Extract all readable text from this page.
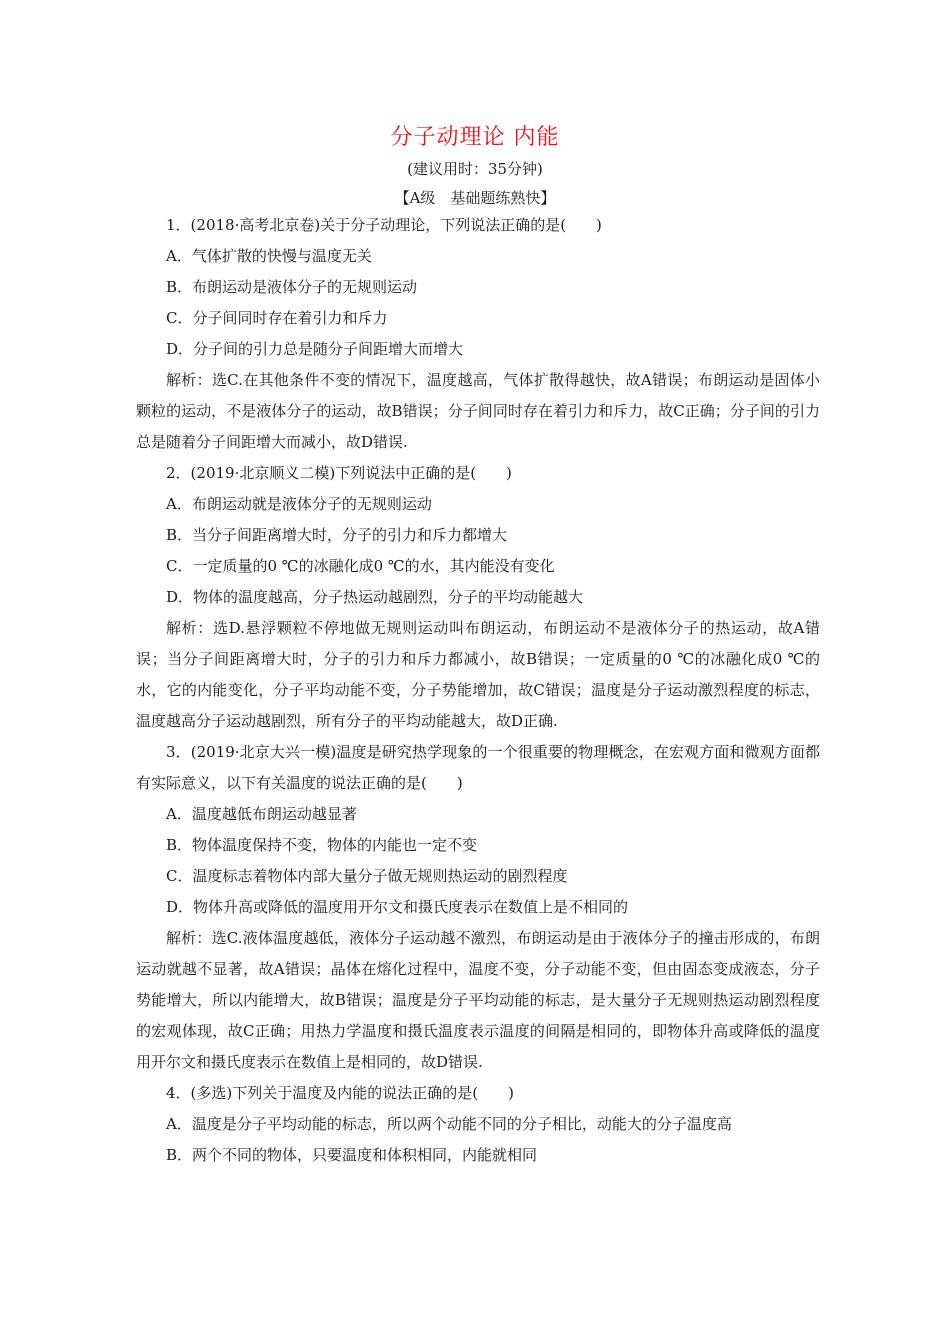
分子动理论 内能
(建议用时：35分钟)
【A级　基础题练熟快】

1．(2018·高考北京卷)关于分子动理论，下列说法正确的是(　　)

A．气体扩散的快慢与温度无关

B．布朗运动是液体分子的无规则运动

C．分子间同时存在着引力和斥力

D．分子间的引力总是随分子间距增大而增大

解析：选C.在其他条件不变的情况下，温度越高，气体扩散得越快，故A错误；布朗运动是固体小颗粒的运动，不是液体分子的运动，故B错误；分子间同时存在着引力和斥力，故C正确；分子间的引力总是随着分子间距增大而减小，故D错误.

2．(2019·北京顺义二模)下列说法中正确的是(　　)

A．布朗运动就是液体分子的无规则运动

B．当分子间距离增大时，分子的引力和斥力都增大

C．一定质量的0 ℃的冰融化成0 ℃的水，其内能没有变化

D．物体的温度越高，分子热运动越剧烈，分子的平均动能越大

解析：选D.悬浮颗粒不停地做无规则运动叫布朗运动，布朗运动不是液体分子的热运动，故A错误；当分子间距离增大时，分子的引力和斥力都减小，故B错误；一定质量的0 ℃的冰融化成0 ℃的水，它的内能变化，分子平均动能不变，分子势能增加，故C错误；温度是分子运动激烈程度的标志，温度越高分子运动越剧烈，所有分子的平均动能越大，故D正确.

3．(2019·北京大兴一模)温度是研究热学现象的一个很重要的物理概念，在宏观方面和微观方面都有实际意义，以下有关温度的说法正确的是(　　)

A．温度越低布朗运动越显著

B．物体温度保持不变，物体的内能也一定不变

C．温度标志着物体内部大量分子做无规则热运动的剧烈程度

D．物体升高或降低的温度用开尔文和摄氏度表示在数值上是不相同的

解析：选C.液体温度越低，液体分子运动越不激烈，布朗运动是由于液体分子的撞击形成的，布朗运动就越不显著，故A错误；晶体在熔化过程中，温度不变，分子动能不变，但由固态变成液态，分子势能增大，所以内能增大，故B错误；温度是分子平均动能的标志，是大量分子无规则热运动剧烈程度的宏观体现，故C正确；用热力学温度和摄氏温度表示温度的间隔是相同的，即物体升高或降低的温度用开尔文和摄氏度表示在数值上是相同的，故D错误.

4．(多选)下列关于温度及内能的说法正确的是(　　)

A．温度是分子平均动能的标志，所以两个动能不同的分子相比，动能大的分子温度高

B．两个不同的物体，只要温度和体积相同，内能就相同
